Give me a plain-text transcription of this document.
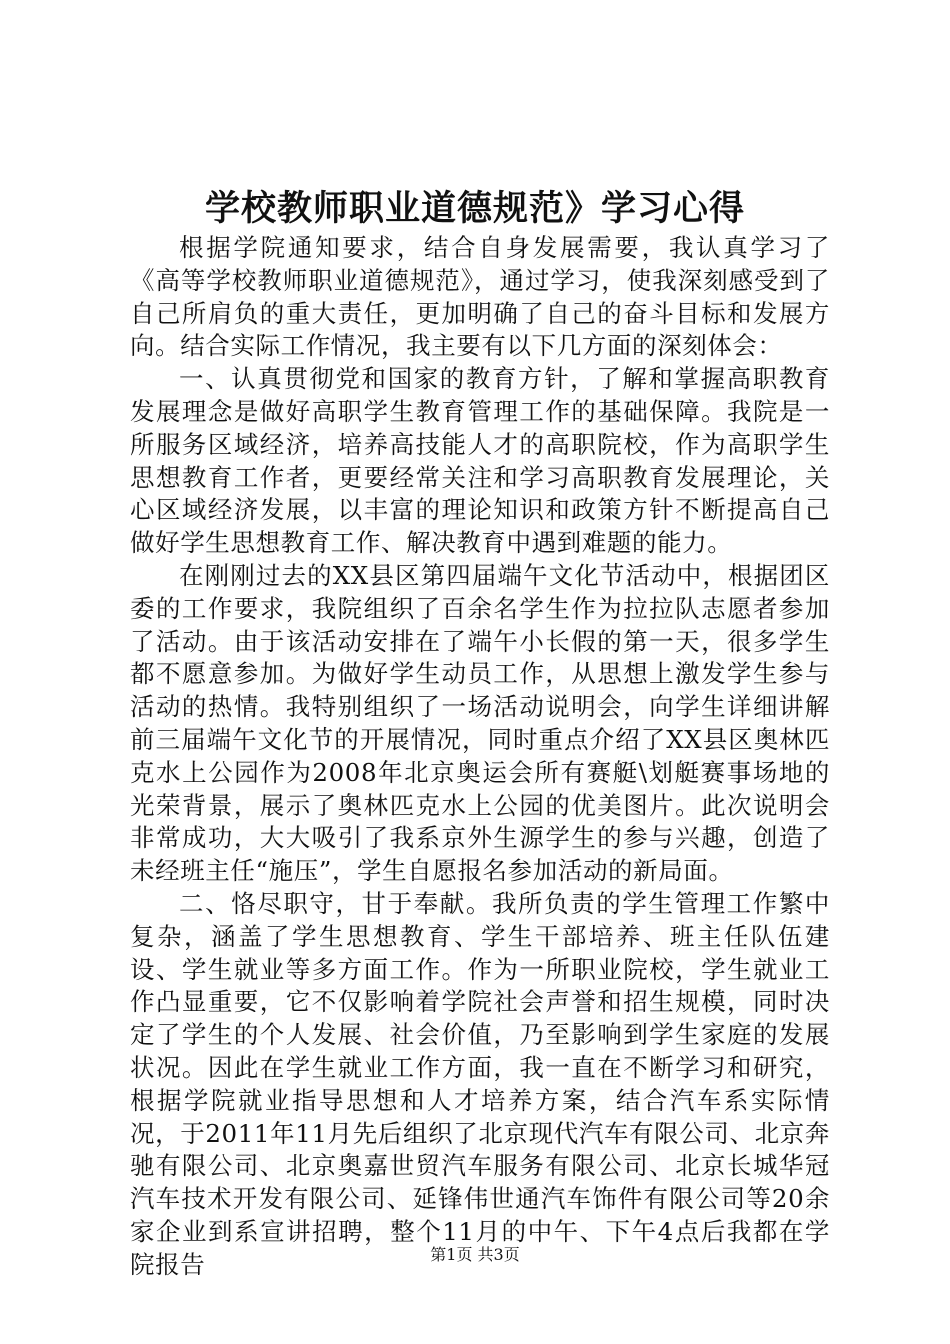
学校教师职业道德规范》学习心得

根据学院通知要求，结合自身发展需要，我认真学习了《高等学校教师职业道德规范》，通过学习，使我深刻感受到了自己所肩负的重大责任，更加明确了自己的奋斗目标和发展方向。结合实际工作情况，我主要有以下几方面的深刻体会：

一、认真贯彻党和国家的教育方针，了解和掌握高职教育发展理念是做好高职学生教育管理工作的基础保障。我院是一所服务区域经济，培养高技能人才的高职院校，作为高职学生思想教育工作者，更要经常关注和学习高职教育发展理论，关心区域经济发展，以丰富的理论知识和政策方针不断提高自己做好学生思想教育工作、解决教育中遇到难题的能力。

在刚刚过去的XX县区第四届端午文化节活动中，根据团区委的工作要求，我院组织了百余名学生作为拉拉队志愿者参加了活动。由于该活动安排在了端午小长假的第一天，很多学生都不愿意参加。为做好学生动员工作，从思想上激发学生参与活动的热情。我特别组织了一场活动说明会，向学生详细讲解前三届端午文化节的开展情况，同时重点介绍了XX县区奥林匹克水上公园作为2008年北京奥运会所有赛艇\划艇赛事场地的光荣背景，展示了奥林匹克水上公园的优美图片。此次说明会非常成功，大大吸引了我系京外生源学生的参与兴趣，创造了未经班主任“施压”，学生自愿报名参加活动的新局面。

二、恪尽职守，甘于奉献。我所负责的学生管理工作繁中复杂，涵盖了学生思想教育、学生干部培养、班主任队伍建设、学生就业等多方面工作。作为一所职业院校，学生就业工作凸显重要，它不仅影响着学院社会声誉和招生规模，同时决定了学生的个人发展、社会价值，乃至影响到学生家庭的发展状况。因此在学生就业工作方面，我一直在不断学习和研究，根据学院就业指导思想和人才培养方案，结合汽车系实际情况，于2011年11月先后组织了北京现代汽车有限公司、北京奔驰有限公司、北京奥嘉世贸汽车服务有限公司、北京长城华冠汽车技术开发有限公司、延锋伟世通汽车饰件有限公司等20余家企业到系宣讲招聘，整个11月的中午、下午4点后我都在学院报告	第1页 共3页
